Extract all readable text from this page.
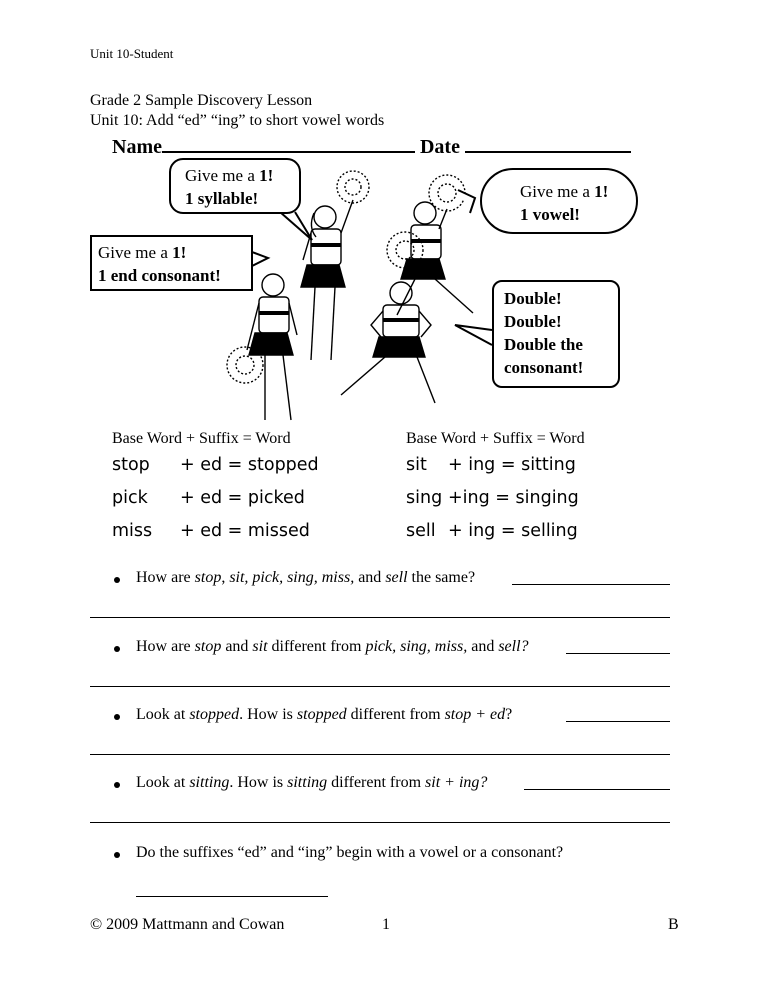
Unit 10-Student
Grade 2 Sample Discovery Lesson
Unit 10: Add “ed” “ing” to short vowel words
Name	Date
Give me a 1!
1 syllable!	Give me a 1!
1 vowel!
Give me a 1!
1 end consonant!
Double!
Double!
Double the
consonant!
Base Word + Suffix = Word	Base Word + Suffix = Word
stop + ed = stopped
pick + ed = picked
miss + ed = missed
sit + ing = sitting
sing +ing = singing
sell + ing = selling
How are stop, sit, pick, sing, miss, and sell the same?
How are stop and sit different from pick, sing, miss, and sell?
Look at stopped. How is stopped different from stop + ed?
Look at sitting. How is sitting different from sit + ing?
Do the suffixes “ed” and “ing” begin with a vowel or a consonant?
© 2009 Mattmann and Cowan	1	B
